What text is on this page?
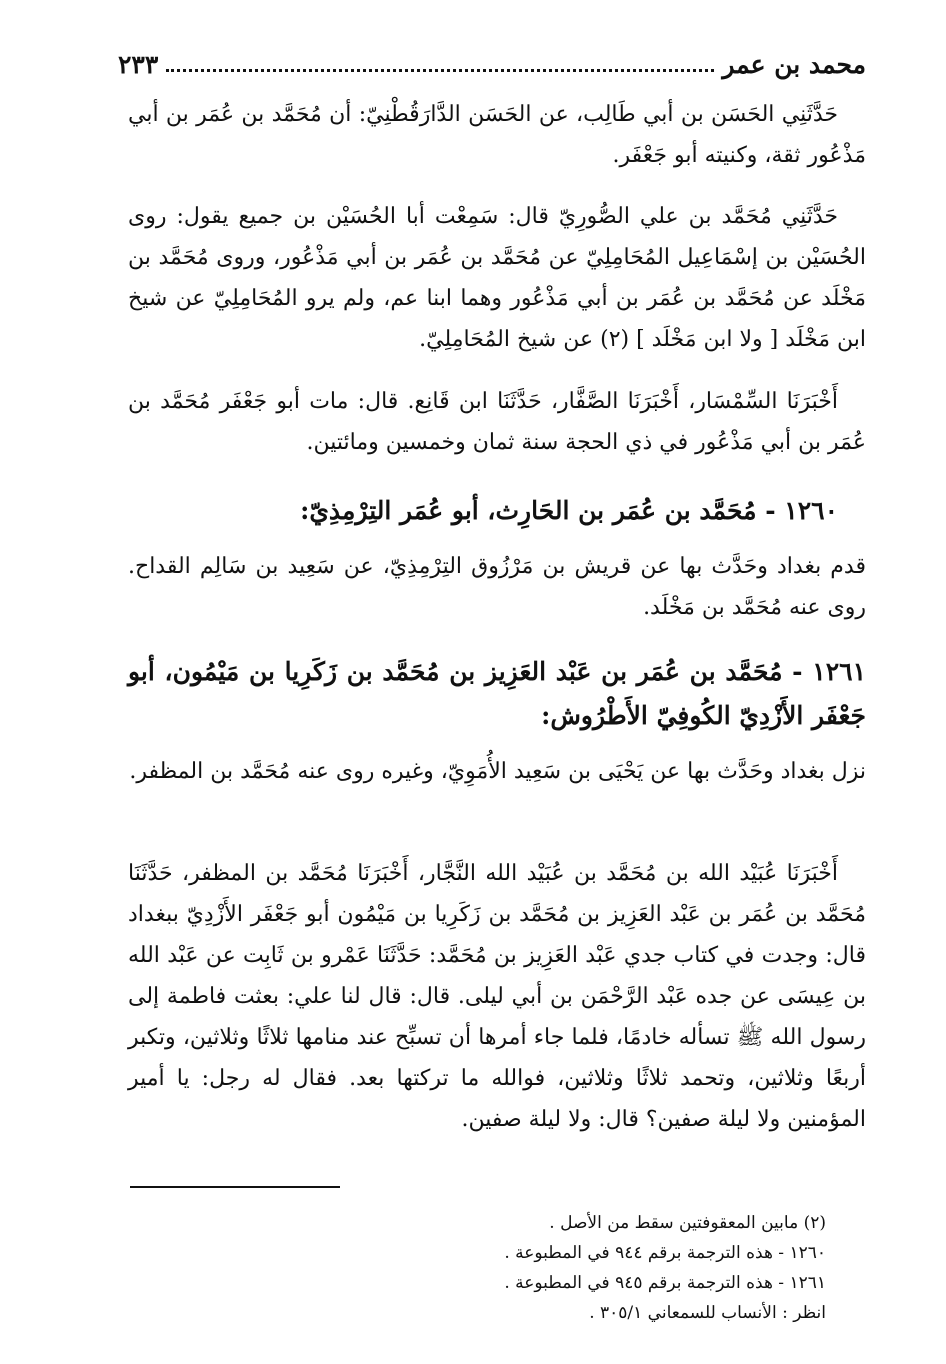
محمد بن عمر
٢٣٣

حَدَّثَنِي الحَسَن بن أبي طَالِب، عن الحَسَن الدَّارَقُطْنِيّ: أن مُحَمَّد بن عُمَر بن أبي مَذْعُور ثقة، وكنيته أبو جَعْفَر.

حَدَّثَنِي مُحَمَّد بن علي الصُّورِيّ قال: سَمِعْت أبا الحُسَيْن بن جميع يقول: روى الحُسَيْن بن إسْمَاعِيل المُحَامِلِيّ عن مُحَمَّد بن عُمَر بن أبي مَذْعُور، وروى مُحَمَّد بن مَخْلَد عن مُحَمَّد بن عُمَر بن أبي مَذْعُور وهما ابنا عم، ولم يرو المُحَامِلِيّ عن شيخ ابن مَخْلَد [ ولا ابن مَخْلَد ] (٢) عن شيخ المُحَامِلِيّ.

أَخْبَرَنَا السِّمْسَار، أَخْبَرَنَا الصَّفَّار، حَدَّثَنَا ابن قَانِع. قال: مات أبو جَعْفَر مُحَمَّد بن عُمَر بن أبي مَذْعُور في ذي الحجة سنة ثمان وخمسين ومائتين.

١٢٦٠ - مُحَمَّد بن عُمَر بن الحَارِث، أبو عُمَر التِرْمِذِيّ:

قدم بغداد وحَدَّث بها عن قريش بن مَرْزُوق التِرْمِذِيّ، عن سَعِيد بن سَالِم القداح. روى عنه مُحَمَّد بن مَخْلَد.

١٢٦١ - مُحَمَّد بن عُمَر بن عَبْد العَزِيز بن مُحَمَّد بن زَكَرِيا بن مَيْمُون، أبو جَعْفَر الأَزْدِيّ الكُوفِيّ الأَطْرُوش:

نزل بغداد وحَدَّث بها عن يَحْيَى بن سَعِيد الأُمَوِيّ، وغيره روى عنه مُحَمَّد بن المظفر.

أَخْبَرَنَا عُبَيْد الله بن مُحَمَّد بن عُبَيْد الله النَّجَّار، أَخْبَرَنَا مُحَمَّد بن المظفر، حَدَّثَنَا مُحَمَّد بن عُمَر بن عَبْد العَزِيز بن مُحَمَّد بن زَكَرِيا بن مَيْمُون أبو جَعْفَر الأَزْدِيّ ببغداد قال: وجدت في كتاب جدي عَبْد العَزِيز بن مُحَمَّد: حَدَّثَنَا عَمْرو بن ثَابِت عن عَبْد الله بن عِيسَى عن جده عَبْد الرَّحْمَن بن أبي ليلى. قال: قال لنا علي: بعثت فاطمة إلى رسول الله ﷺ تسأله خادمًا، فلما جاء أمرها أن تسبِّح عند منامها ثلاثًا وثلاثين، وتكبر أربعًا وثلاثين، وتحمد ثلاثًا وثلاثين، فوالله ما تركتها بعد. فقال له رجل: يا أمير المؤمنين ولا ليلة صفين؟ قال: ولا ليلة صفين.

(٢) مابين المعقوفتين سقط من الأصل .
١٢٦٠ - هذه الترجمة برقم ٩٤٤ في المطبوعة .
١٢٦١ - هذه الترجمة برقم ٩٤٥ في المطبوعة .
انظر : الأنساب للسمعاني ٣٠٥/١ .
